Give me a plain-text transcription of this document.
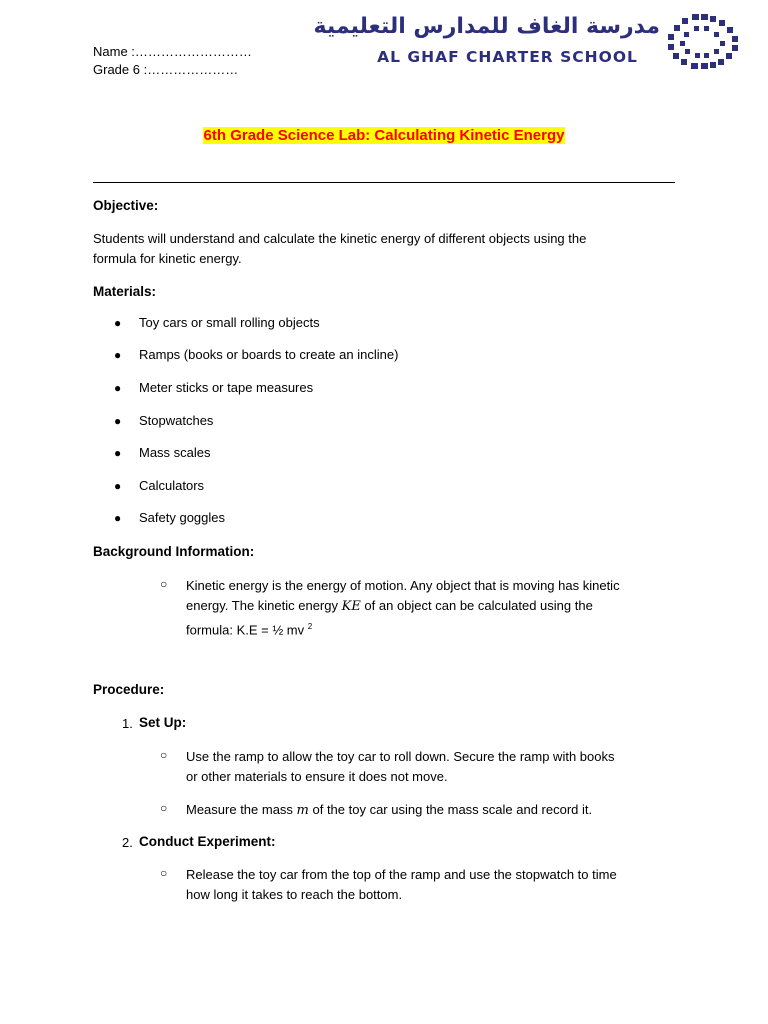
Name :………………………
Grade 6 :…………………
مدرسة الغاف للمدارس التعليمية
AL GHAF CHARTER SCHOOL
6th Grade Science Lab: Calculating Kinetic Energy
Objective:
Students will understand and calculate the kinetic energy of different objects using the
formula for kinetic energy.
Materials:
● Toy cars or small rolling objects
● Ramps (books or boards to create an incline)
● Meter sticks or tape measures
● Stopwatches
● Mass scales
● Calculators
● Safety goggles
Background Information:
○ Kinetic energy is the energy of motion. Any object that is moving has kinetic
energy. The kinetic energy KE of an object can be calculated using the
formula: K.E = ½ mv $^2$
Procedure:
1. Set Up:
○ Use the ramp to allow the toy car to roll down. Secure the ramp with books
or other materials to ensure it does not move.
○ Measure the mass m of the toy car using the mass scale and record it.
2. Conduct Experiment:
○ Release the toy car from the top of the ramp and use the stopwatch to time
how long it takes to reach the bottom.
